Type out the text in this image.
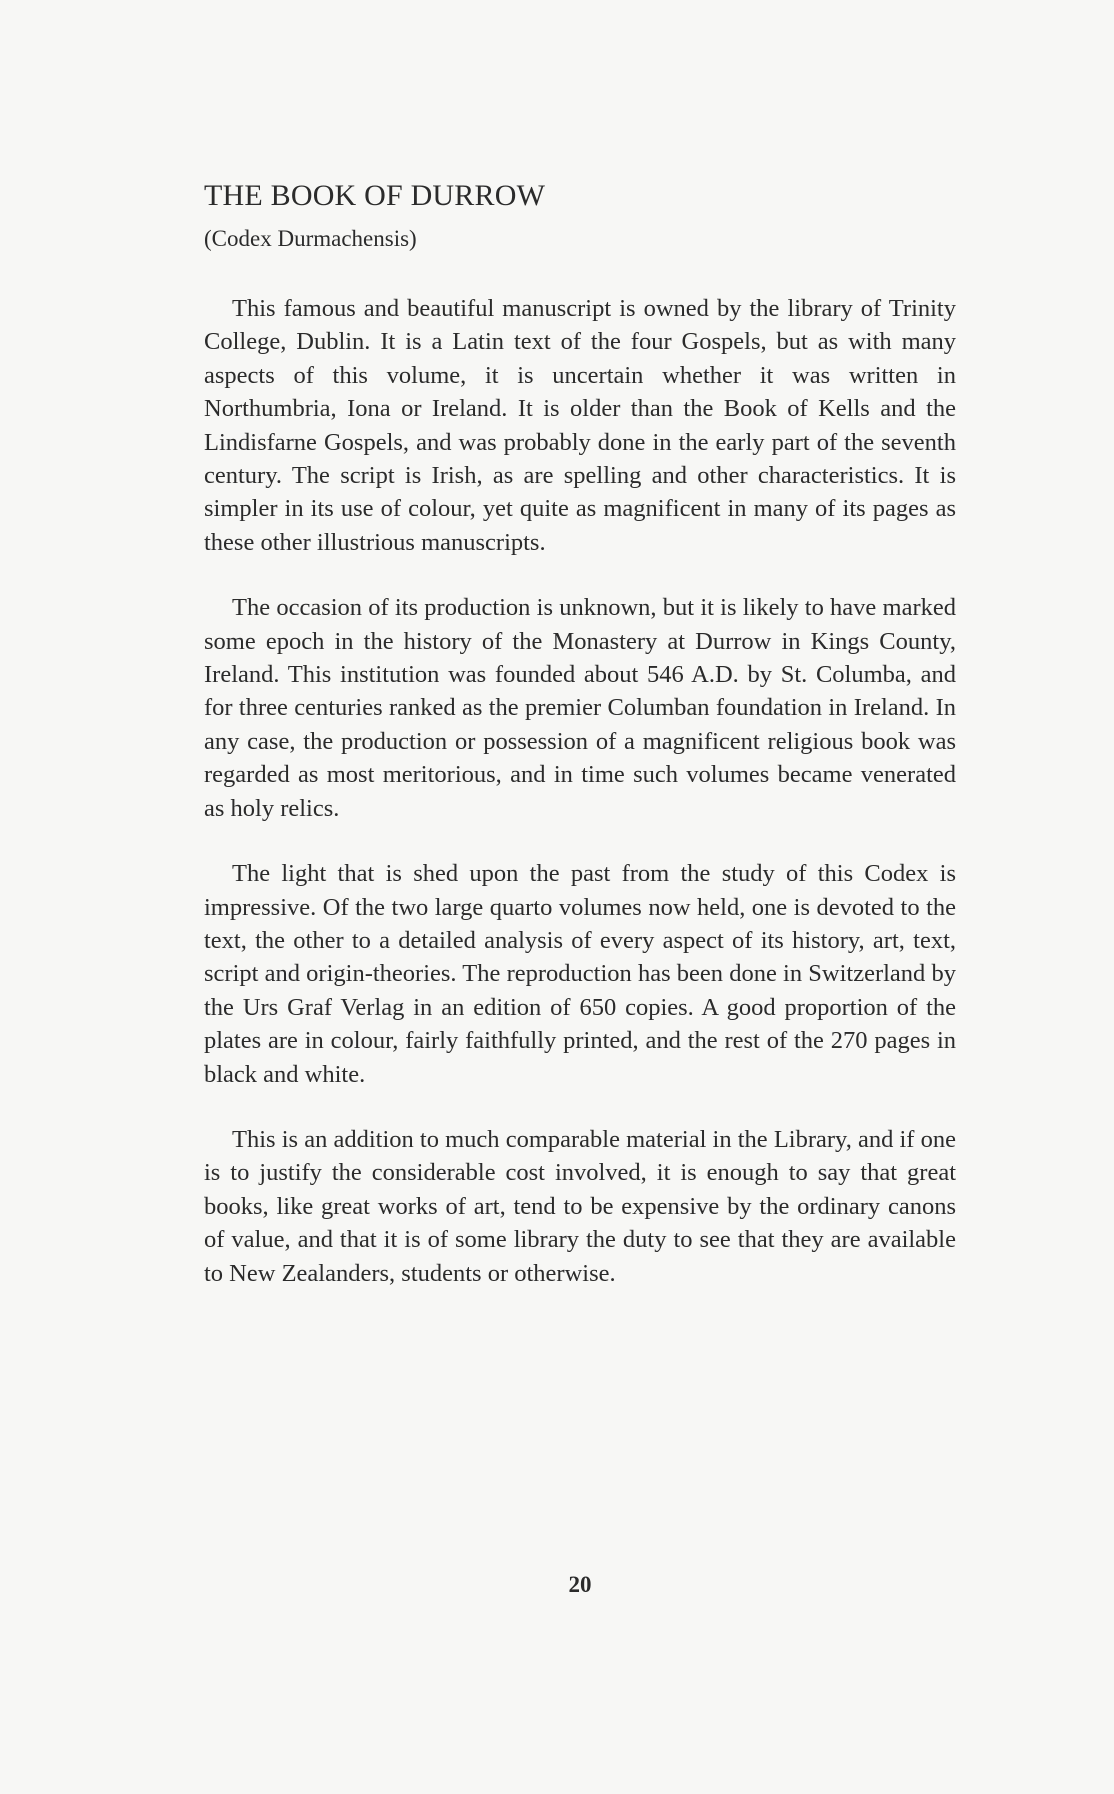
THE BOOK OF DURROW

(Codex Durmachensis)

This famous and beautiful manuscript is owned by the library of Trinity College, Dublin. It is a Latin text of the four Gospels, but as with many aspects of this volume, it is uncertain whether it was written in Northumbria, Iona or Ireland. It is older than the Book of Kells and the Lindisfarne Gospels, and was probably done in the early part of the seventh century. The script is Irish, as are spelling and other characteristics. It is simpler in its use of colour, yet quite as magnificent in many of its pages as these other illustrious manuscripts.

The occasion of its production is unknown, but it is likely to have marked some epoch in the history of the Monastery at Durrow in Kings County, Ireland. This institution was founded about 546 A.D. by St. Columba, and for three centuries ranked as the premier Columban foundation in Ireland. In any case, the production or possession of a magnificent religious book was regarded as most meritorious, and in time such volumes became venerated as holy relics.

The light that is shed upon the past from the study of this Codex is impressive. Of the two large quarto volumes now held, one is devoted to the text, the other to a detailed analysis of every aspect of its history, art, text, script and origin-theories. The reproduction has been done in Switzerland by the Urs Graf Verlag in an edition of 650 copies. A good proportion of the plates are in colour, fairly faithfully printed, and the rest of the 270 pages in black and white.

This is an addition to much comparable material in the Library, and if one is to justify the considerable cost involved, it is enough to say that great books, like great works of art, tend to be expensive by the ordinary canons of value, and that it is of some library the duty to see that they are available to New Zealanders, students or otherwise.

20
